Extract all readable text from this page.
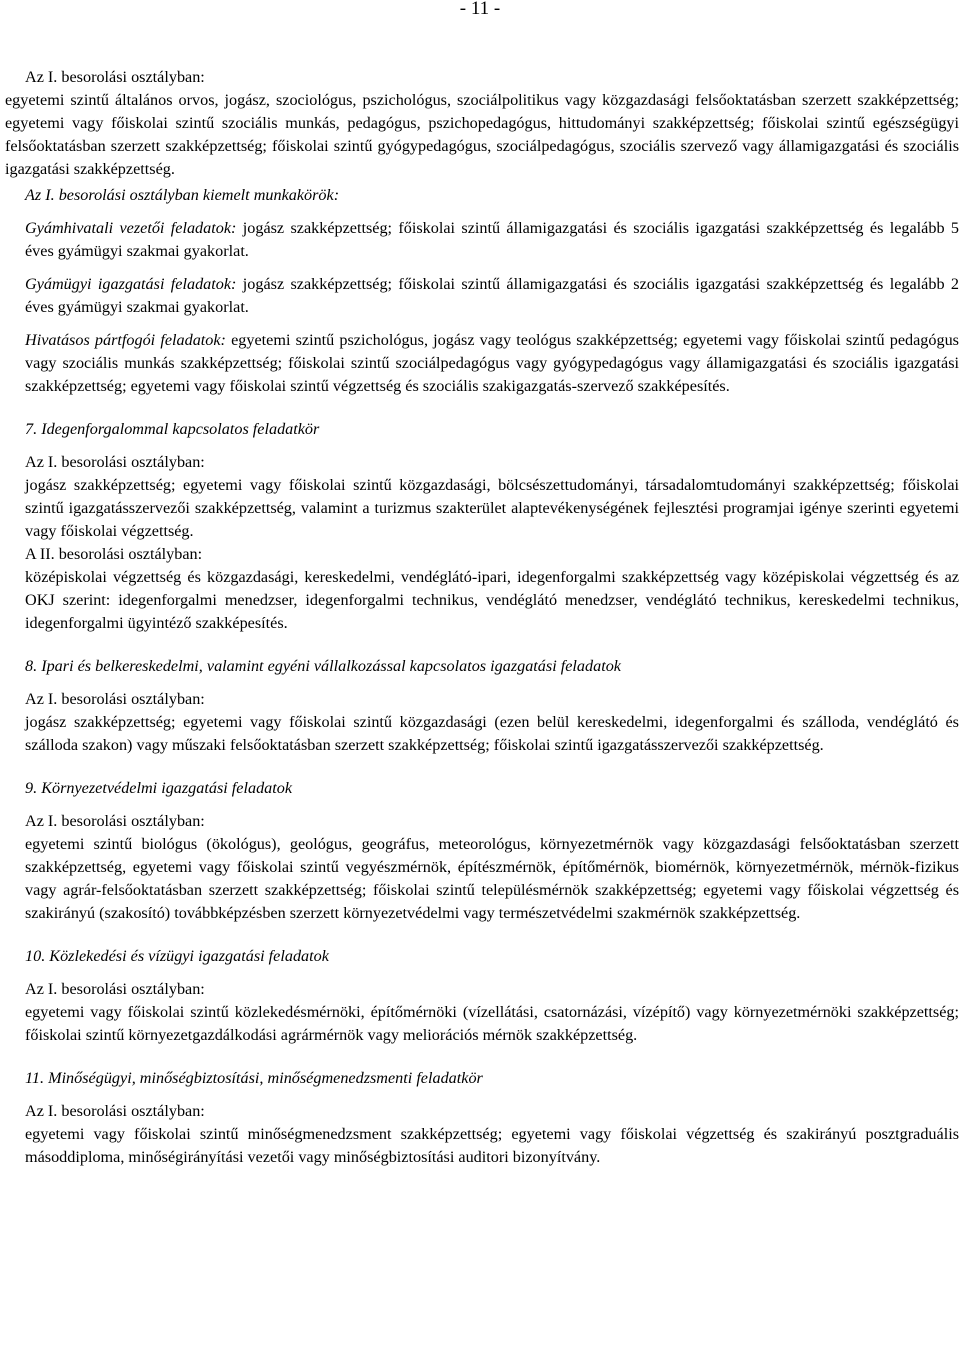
- 11 -

Az I. besorolási osztályban:

egyetemi szintű általános orvos, jogász, szociológus, pszichológus, szociálpolitikus vagy közgazdasági felsőoktatásban szerzett szakképzettség; egyetemi vagy főiskolai szintű szociális munkás, pedagógus, pszichopedagógus, hittudományi szakképzettség; főiskolai szintű egészségügyi felsőoktatásban szerzett szakképzettség; főiskolai szintű gyógypedagógus, szociálpedagógus, szociális szervező vagy államigazgatási és szociális igazgatási szakképzettség.

Az I. besorolási osztályban kiemelt munkakörök:

Gyámhivatali vezetői feladatok: jogász szakképzettség; főiskolai szintű államigazgatási és szociális igazgatási szakképzettség és legalább 5 éves gyámügyi szakmai gyakorlat.

Gyámügyi igazgatási feladatok: jogász szakképzettség; főiskolai szintű államigazgatási és szociális igazgatási szakképzettség és legalább 2 éves gyámügyi szakmai gyakorlat.

Hivatásos pártfogói feladatok: egyetemi szintű pszichológus, jogász vagy teológus szakképzettség; egyetemi vagy főiskolai szintű pedagógus vagy szociális munkás szakképzettség; főiskolai szintű szociálpedagógus vagy gyógypedagógus vagy államigazgatási és szociális igazgatási szakképzettség; egyetemi vagy főiskolai szintű végzettség és szociális szakigazgatás-szervező szakképesítés.

7. Idegenforgalommal kapcsolatos feladatkör

Az I. besorolási osztályban:

jogász szakképzettség; egyetemi vagy főiskolai szintű közgazdasági, bölcsészettudományi, társadalomtudományi szakképzettség; főiskolai szintű igazgatásszervezői szakképzettség, valamint a turizmus szakterület alaptevékenységének fejlesztési programjai igénye szerinti egyetemi vagy főiskolai végzettség.

A II. besorolási osztályban:

középiskolai végzettség és közgazdasági, kereskedelmi, vendéglátó-ipari, idegenforgalmi szakképzettség vagy középiskolai végzettség és az OKJ szerint: idegenforgalmi menedzser, idegenforgalmi technikus, vendéglátó menedzser, vendéglátó technikus, kereskedelmi technikus, idegenforgalmi ügyintéző szakképesítés.

8. Ipari és belkereskedelmi, valamint egyéni vállalkozással kapcsolatos igazgatási feladatok

Az I. besorolási osztályban:

jogász szakképzettség; egyetemi vagy főiskolai szintű közgazdasági (ezen belül kereskedelmi, idegenforgalmi és szálloda, vendéglátó és szálloda szakon) vagy műszaki felsőoktatásban szerzett szakképzettség; főiskolai szintű igazgatásszervezői szakképzettség.

9. Környezetvédelmi igazgatási feladatok

Az I. besorolási osztályban:

egyetemi szintű biológus (ökológus), geológus, geográfus, meteorológus, környezetmérnök vagy közgazdasági felsőoktatásban szerzett szakképzettség, egyetemi vagy főiskolai szintű vegyészmérnök, építészmérnök, építőmérnök, biomérnök, környezetmérnök, mérnök-fizikus vagy agrár-felsőoktatásban szerzett szakképzettség; főiskolai szintű településmérnök szakképzettség; egyetemi vagy főiskolai végzettség és szakirányú (szakosító) továbbképzésben szerzett környezetvédelmi vagy természetvédelmi szakmérnök szakképzettség.

10. Közlekedési és vízügyi igazgatási feladatok

Az I. besorolási osztályban:

egyetemi vagy főiskolai szintű közlekedésmérnöki, építőmérnöki (vízellátási, csatornázási, vízépítő) vagy környezetmérnöki szakképzettség; főiskolai szintű környezetgazdálkodási agrármérnök vagy meliorációs mérnök szakképzettség.

11. Minőségügyi, minőségbiztosítási, minőségmenedzsmenti feladatkör

Az I. besorolási osztályban:

egyetemi vagy főiskolai szintű minőségmenedzsment szakképzettség; egyetemi vagy főiskolai végzettség és szakirányú posztgraduális másoddiploma, minőségirányítási vezetői vagy minőségbiztosítási auditori bizonyítvány.
